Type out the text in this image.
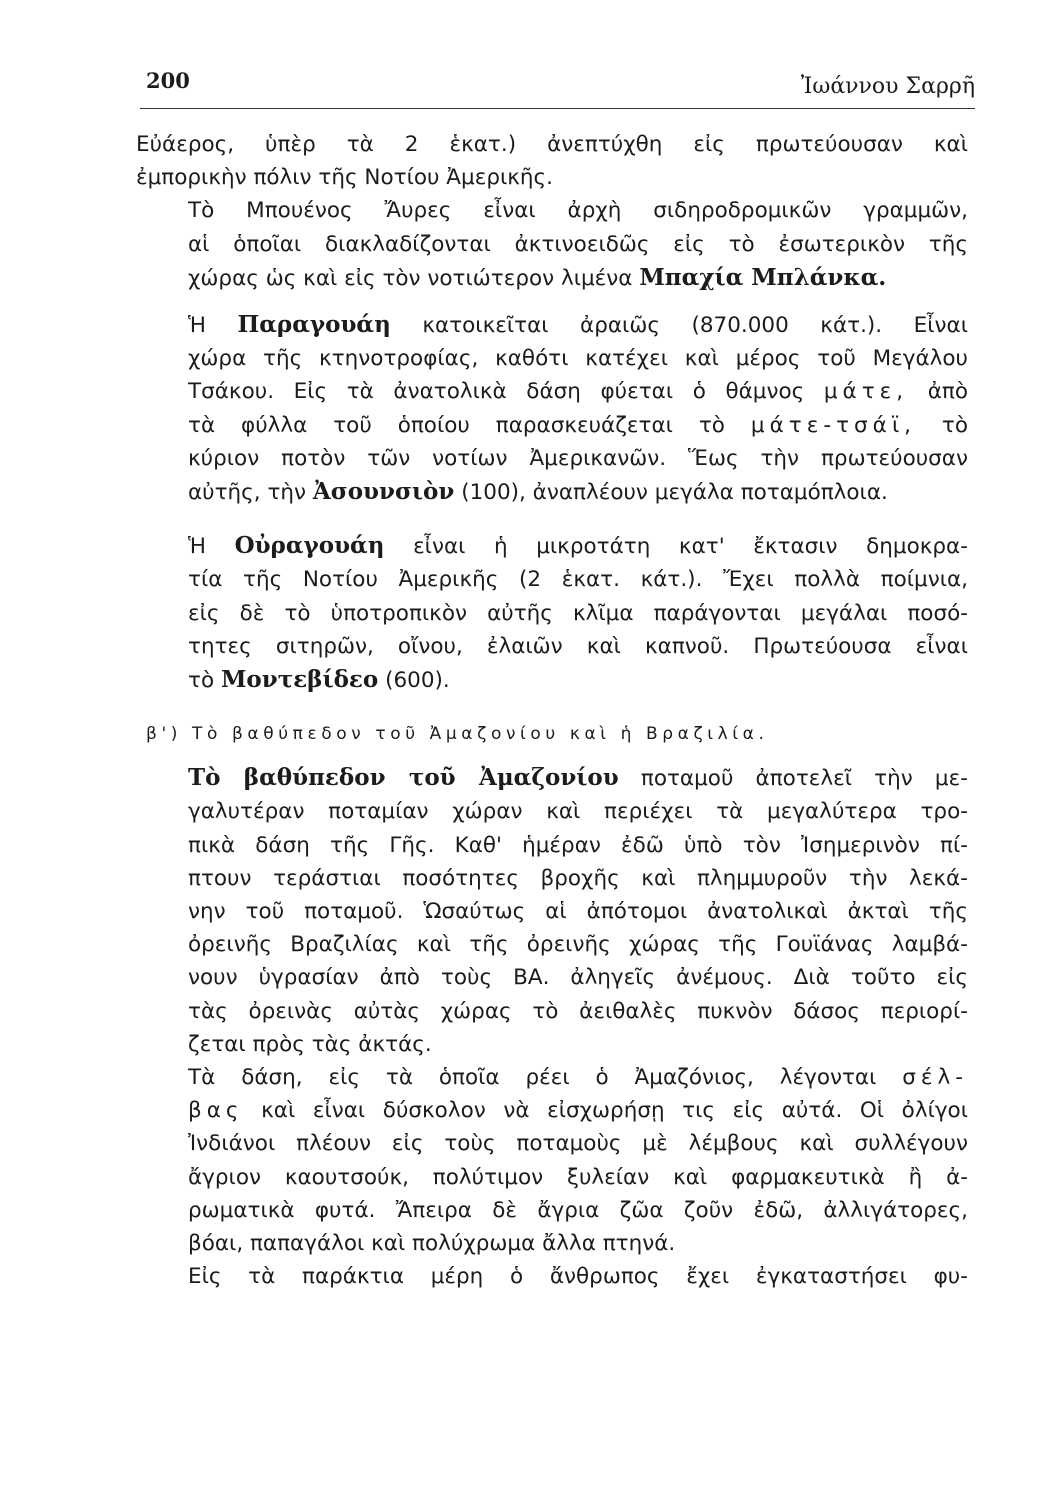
200	Ἰωάννου Σαρρῆ

Εὐάερος, ὑπὲρ τὰ 2 ἑκατ.) ἀνεπτύχθη εἰς πρωτεύουσαν καὶ
ἐμπορικὴν πόλιν τῆς Νοτίου Ἀμερικῆς.

Τὸ Μπουένος Ἄυρες εἶναι ἀρχὴ σιδηροδρομικῶν γραμμῶν,
αἱ ὁποῖαι διακλαδίζονται ἀκτινοειδῶς εἰς τὸ ἐσωτερικὸν τῆς
χώρας ὡς καὶ εἰς τὸν νοτιώτερον λιμένα Μπαχία Μπλάνκα.

Ἡ Παραγουάη κατοικεῖται ἀραιῶς (870.000 κάτ.). Εἶναι
χώρα τῆς κτηνοτροφίας, καθότι κατέχει καὶ μέρος τοῦ Μεγάλου
Τσάκου. Εἰς τὰ ἀνατολικὰ δάση φύεται ὁ θάμνος μάτε, ἀπὸ
τὰ φύλλα τοῦ ὁποίου παρασκευάζεται τὸ μάτε-τσάϊ, τὸ
κύριον ποτὸν τῶν νοτίων Ἀμερικανῶν. Ἕως τὴν πρωτεύουσαν
αὐτῆς, τὴν Ἀσουνσιὸν (100), ἀναπλέουν μεγάλα ποταμόπλοια.

Ἡ Οὐραγουάη εἶναι ἡ μικροτάτη κατ' ἔκτασιν δημοκρα-
τία τῆς Νοτίου Ἀμερικῆς (2 ἑκατ. κάτ.). Ἔχει πολλὰ ποίμνια,
εἰς δὲ τὸ ὑποτροπικὸν αὐτῆς κλῖμα παράγονται μεγάλαι ποσό-
τητες σιτηρῶν, οἴνου, ἐλαιῶν καὶ καπνοῦ. Πρωτεύουσα εἶναι
τὸ Μοντεβίδεο (600).

β') Τὸ βαθύπεδον τοῦ Ἀμαζονίου καὶ ἡ Βραζιλία.

Τὸ βαθύπεδον τοῦ Ἀμαζονίου ποταμοῦ ἀποτελεῖ τὴν με-
γαλυτέραν ποταμίαν χώραν καὶ περιέχει τὰ μεγαλύτερα τρο-
πικὰ δάση τῆς Γῆς. Καθ' ἡμέραν ἐδῶ ὑπὸ τὸν Ἰσημερινὸν πί-
πτουν τεράστιαι ποσότητες βροχῆς καὶ πλημμυροῦν τὴν λεκά-
νην τοῦ ποταμοῦ. Ὡσαύτως αἱ ἀπότομοι ἀνατολικαὶ ἀκταὶ τῆς
ὀρεινῆς Βραζιλίας καὶ τῆς ὀρεινῆς χώρας τῆς Γουϊάνας λαμβά-
νουν ὑγρασίαν ἀπὸ τοὺς ΒΑ. ἀληγεῖς ἀνέμους. Διὰ τοῦτο εἰς
τὰς ὀρεινὰς αὐτὰς χώρας τὸ ἀειθαλὲς πυκνὸν δάσος περιορί-
ζεται πρὸς τὰς ἀκτάς.

Τὰ δάση, εἰς τὰ ὁποῖα ρέει ὁ Ἀμαζόνιος, λέγονται σέλ-
βας καὶ εἶναι δύσκολον νὰ εἰσχωρήσῃ τις εἰς αὐτά. Οἱ ὀλίγοι
Ἰνδιάνοι πλέουν εἰς τοὺς ποταμοὺς μὲ λέμβους καὶ συλλέγουν
ἄγριον καουτσούκ, πολύτιμον ξυλείαν καὶ φαρμακευτικὰ ἢ ἀ-
ρωματικὰ φυτά. Ἄπειρα δὲ ἄγρια ζῶα ζοῦν ἐδῶ, ἀλλιγάτορες,
βόαι, παπαγάλοι καὶ πολύχρωμα ἄλλα πτηνά.

Εἰς τὰ παράκτια μέρη ὁ ἄνθρωπος ἔχει ἐγκαταστήσει φυ-
